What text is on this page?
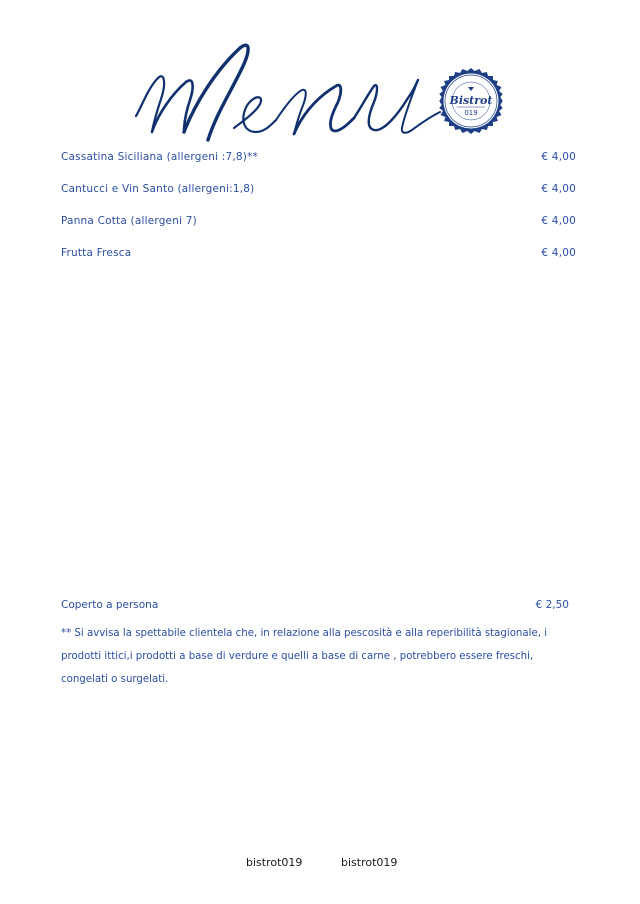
Bistrot
019
Cassatina Siciliana (allergeni :7,8)**	€ 4,00
Cantucci e Vin Santo (allergeni:1,8)	€ 4,00
Panna Cotta (allergeni 7)	€ 4,00
Frutta Fresca	€ 4,00
Coperto a persona	€ 2,50
** Si avvisa la spettabile clientela che, in relazione alla pescosità e alla reperibilità stagionale, i prodotti ittici,i prodotti a base di verdure e quelli a base di carne , potrebbero essere freschi, congelati o surgelati.
bistrot019	bistrot019
